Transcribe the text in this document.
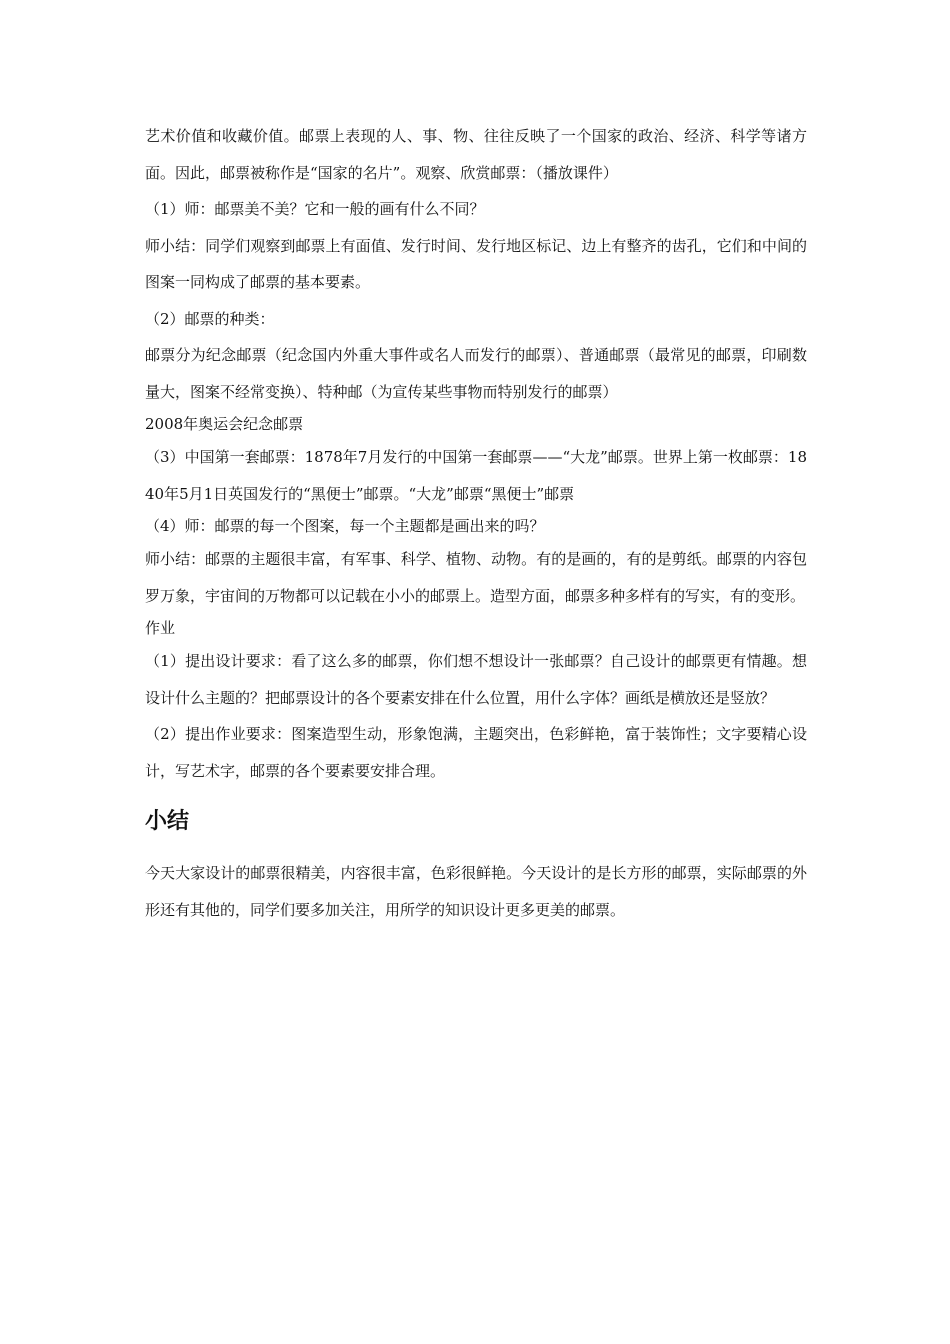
艺术价值和收藏价值。邮票上表现的人、事、物、往往反映了一个国家的政治、经济、科学等诸方面。因此，邮票被称作是“国家的名片”。观察、欣赏邮票：（播放课件）

（1）师：邮票美不美？它和一般的画有什么不同？

师小结：同学们观察到邮票上有面值、发行时间、发行地区标记、边上有整齐的齿孔，它们和中间的图案一同构成了邮票的基本要素。

（2）邮票的种类：

邮票分为纪念邮票（纪念国内外重大事件或名人而发行的邮票）、普通邮票（最常见的邮票，印刷数量大，图案不经常变换）、特种邮（为宣传某些事物而特别发行的邮票）

2008年奥运会纪念邮票

（3）中国第一套邮票：1878年7月发行的中国第一套邮票——“大龙”邮票。世界上第一枚邮票：1840年5月1日英国发行的“黑便士”邮票。“大龙”邮票“黑便士”邮票

（4）师：邮票的每一个图案，每一个主题都是画出来的吗？

师小结：邮票的主题很丰富，有军事、科学、植物、动物。有的是画的，有的是剪纸。邮票的内容包罗万象，宇宙间的万物都可以记载在小小的邮票上。造型方面，邮票多种多样有的写实，有的变形。

作业

（1）提出设计要求：看了这么多的邮票，你们想不想设计一张邮票？自己设计的邮票更有情趣。想设计什么主题的？把邮票设计的各个要素安排在什么位置，用什么字体？画纸是横放还是竖放？

（2）提出作业要求：图案造型生动，形象饱满，主题突出，色彩鲜艳，富于装饰性；文字要精心设计，写艺术字，邮票的各个要素要安排合理。

小结

今天大家设计的邮票很精美，内容很丰富，色彩很鲜艳。今天设计的是长方形的邮票，实际邮票的外形还有其他的，同学们要多加关注，用所学的知识设计更多更美的邮票。
